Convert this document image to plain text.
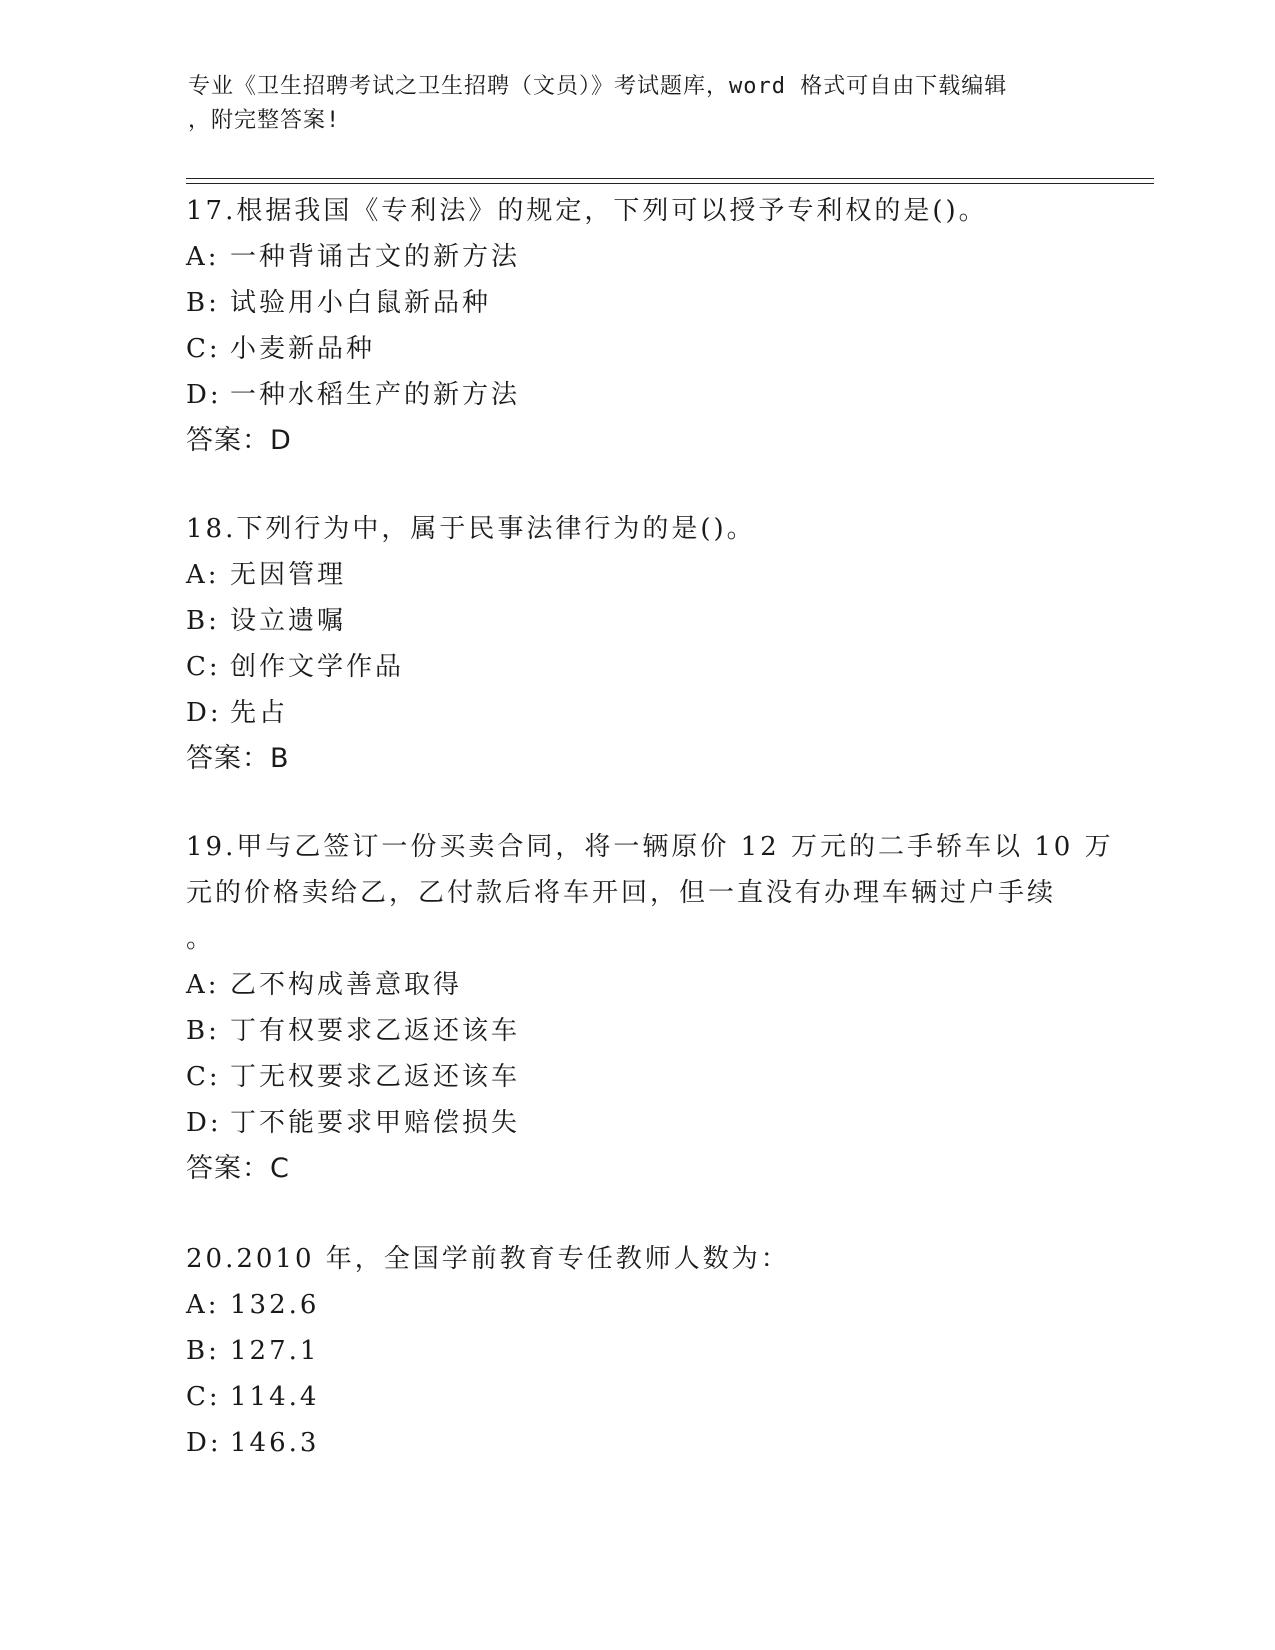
专业《卫生招聘考试之卫生招聘（文员）》考试题库，word 格式可自由下载编辑
，附完整答案!
17.根据我国《专利法》的规定，下列可以授予专利权的是()。
A: 一种背诵古文的新方法
B: 试验用小白鼠新品种
C: 小麦新品种
D: 一种水稻生产的新方法
答案：D
18.下列行为中，属于民事法律行为的是()。
A: 无因管理
B: 设立遗嘱
C: 创作文学作品
D: 先占
答案：B
19.甲与乙签订一份买卖合同，将一辆原价 12 万元的二手轿车以 10 万
元的价格卖给乙，乙付款后将车开回，但一直没有办理车辆过户手续
。
A: 乙不构成善意取得
B: 丁有权要求乙返还该车
C: 丁无权要求乙返还该车
D: 丁不能要求甲赔偿损失
答案：C
20.2010 年，全国学前教育专任教师人数为：
A: 132.6
B: 127.1
C: 114.4
D: 146.3
